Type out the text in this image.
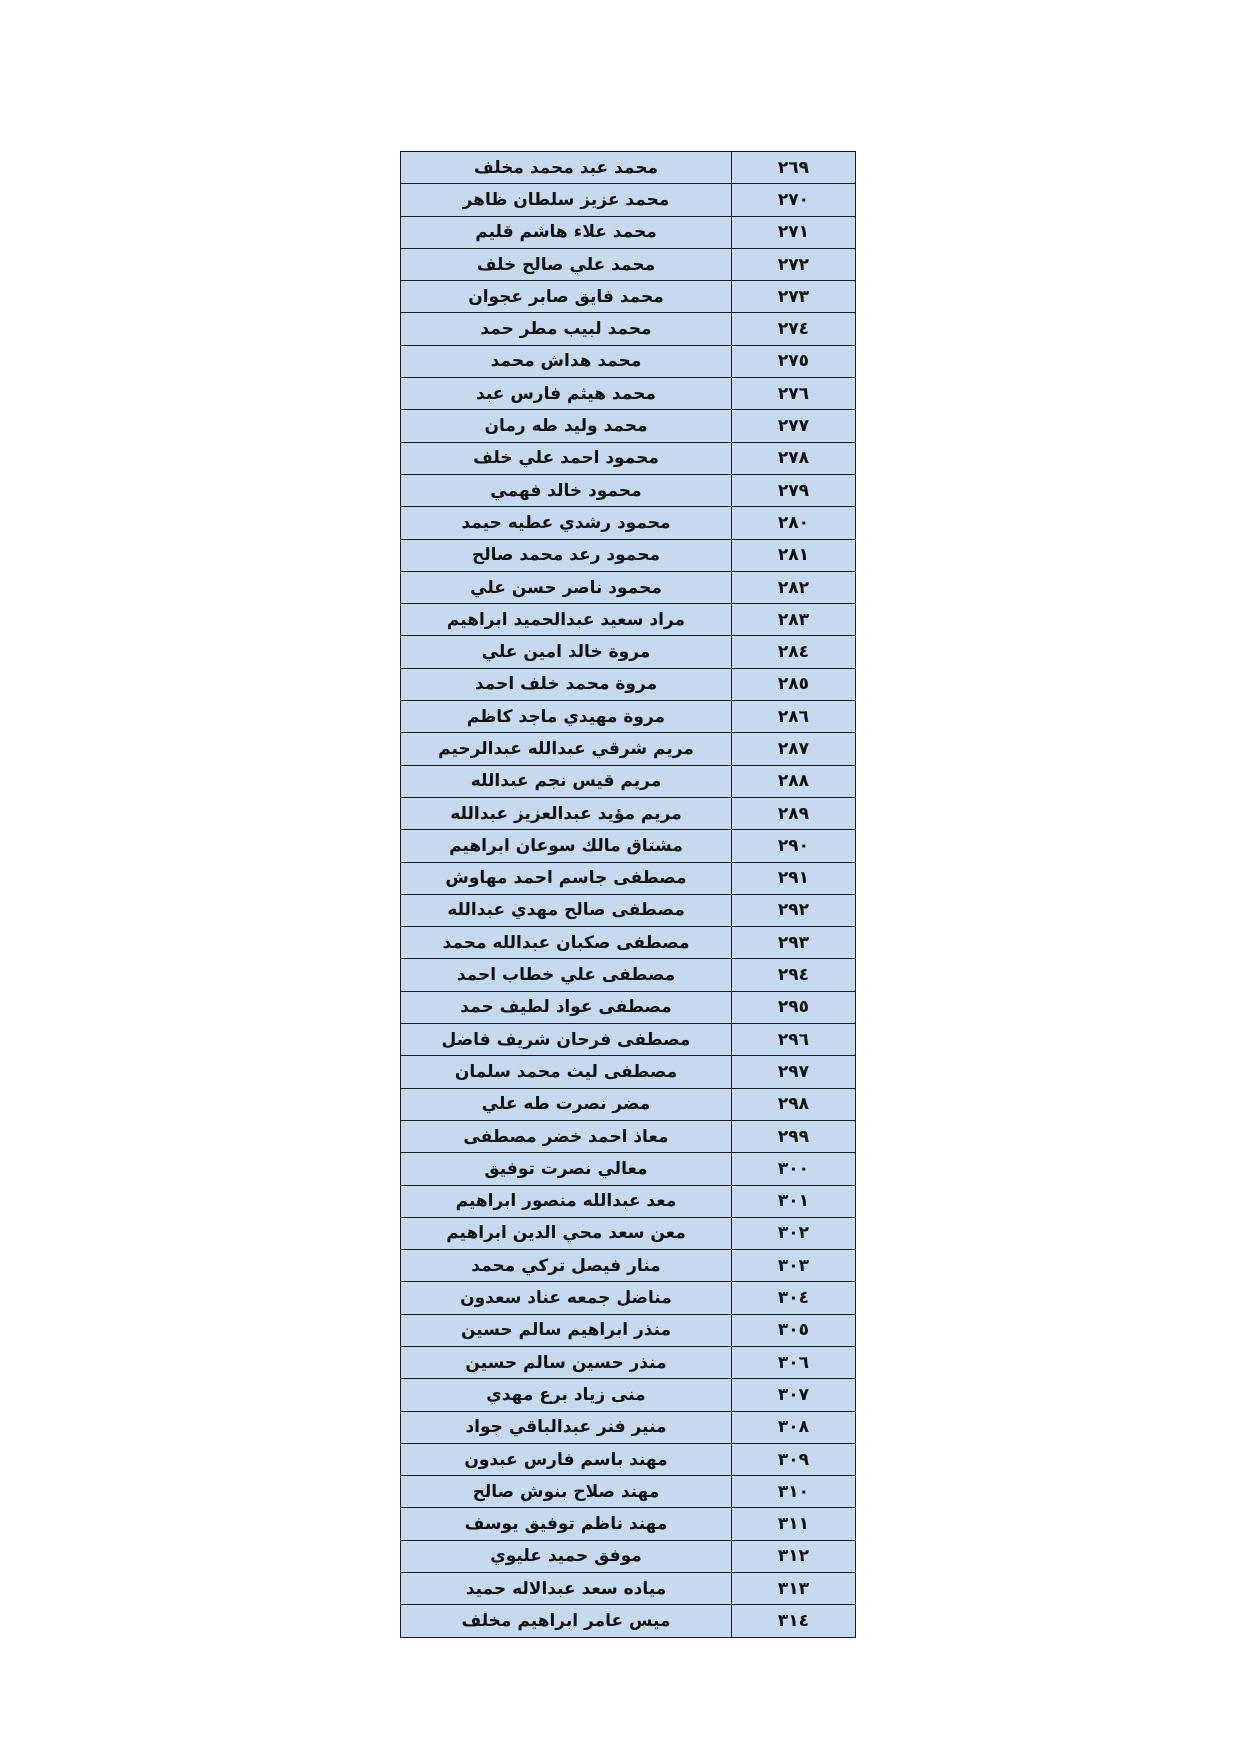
محمد عبد محمد مخلف	٢٦٩
محمد عزيز سلطان ظاهر	٢٧٠
محمد علاء هاشم قليم	٢٧١
محمد علي صالح خلف	٢٧٢
محمد فايق صابر عجوان	٢٧٣
محمد لبيب مطر حمد	٢٧٤
محمد هداش محمد	٢٧٥
محمد هيثم فارس عبد	٢٧٦
محمد وليد طه رمان	٢٧٧
محمود احمد علي خلف	٢٧٨
محمود خالد فهمي	٢٧٩
محمود رشدي عطيه حيمد	٢٨٠
محمود رعد محمد صالح	٢٨١
محمود ناصر حسن علي	٢٨٢
مراد سعيد عبدالحميد ابراهيم	٢٨٣
مروة خالد امين علي	٢٨٤
مروة محمد خلف احمد	٢٨٥
مروة مهيدي ماجد كاظم	٢٨٦
مريم شرقي عبدالله عبدالرحيم	٢٨٧
مريم قيس نجم عبدالله	٢٨٨
مريم مؤيد عبدالعزيز عبدالله	٢٨٩
مشتاق مالك سوعان ابراهيم	٢٩٠
مصطفى جاسم احمد مهاوش	٢٩١
مصطفى صالح مهدي عبدالله	٢٩٢
مصطفى صكبان عبدالله محمد	٢٩٣
مصطفى علي خطاب احمد	٢٩٤
مصطفى عواد لطيف حمد	٢٩٥
مصطفى فرحان شريف فاضل	٢٩٦
مصطفى ليث محمد سلمان	٢٩٧
مضر نصرت طه علي	٢٩٨
معاذ احمد خضر مصطفى	٢٩٩
معالي نصرت توفيق	٣٠٠
معد عبدالله منصور ابراهيم	٣٠١
معن سعد محي الدين ابراهيم	٣٠٢
منار فيصل تركي محمد	٣٠٣
مناضل جمعه عناد سعدون	٣٠٤
منذر ابراهيم سالم حسين	٣٠٥
منذر حسين سالم حسين	٣٠٦
منى زياد برع مهدي	٣٠٧
منير فنر عبدالباقي جواد	٣٠٨
مهند باسم فارس عبدون	٣٠٩
مهند صلاح بنوش صالح	٣١٠
مهند ناظم توفيق يوسف	٣١١
موفق حميد عليوي	٣١٢
مياده سعد عبدالاله حميد	٣١٣
ميس عامر ابراهيم مخلف	٣١٤
